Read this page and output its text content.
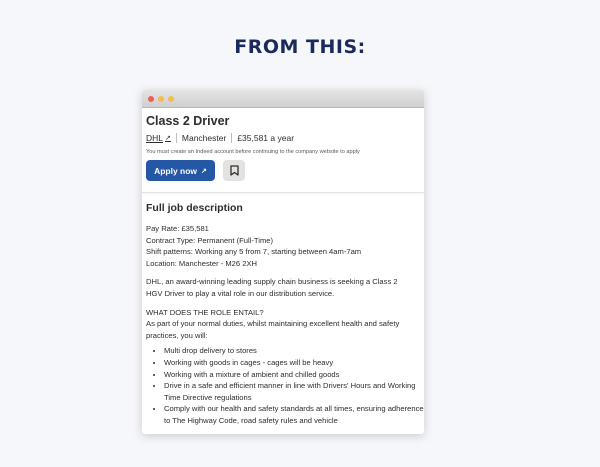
FROM THIS:
Class 2 Driver
DHL ↗ Manchester £35,581 a year
You must create an Indeed account before continuing to the company website to apply
Apply now ↗
Full job description
Pay Rate: £35,581
Contract Type: Permanent (Full-Time)
Shift patterns: Working any 5 from 7, starting between 4am-7am
Location: Manchester - M26 2XH
DHL, an award-winning leading supply chain business is seeking a Class 2
HGV Driver to play a vital role in our distribution service.
WHAT DOES THE ROLE ENTAIL?
As part of your normal duties, whilst maintaining excellent health and safety
practices, you will:
• Multi drop delivery to stores
• Working with goods in cages - cages will be heavy
• Working with a mixture of ambient and chilled goods
• Drive in a safe and efficient manner in line with Drivers' Hours and Working Time Directive regulations
• Comply with our health and safety standards at all times, ensuring adherence to The Highway Code, road safety rules and vehicle
